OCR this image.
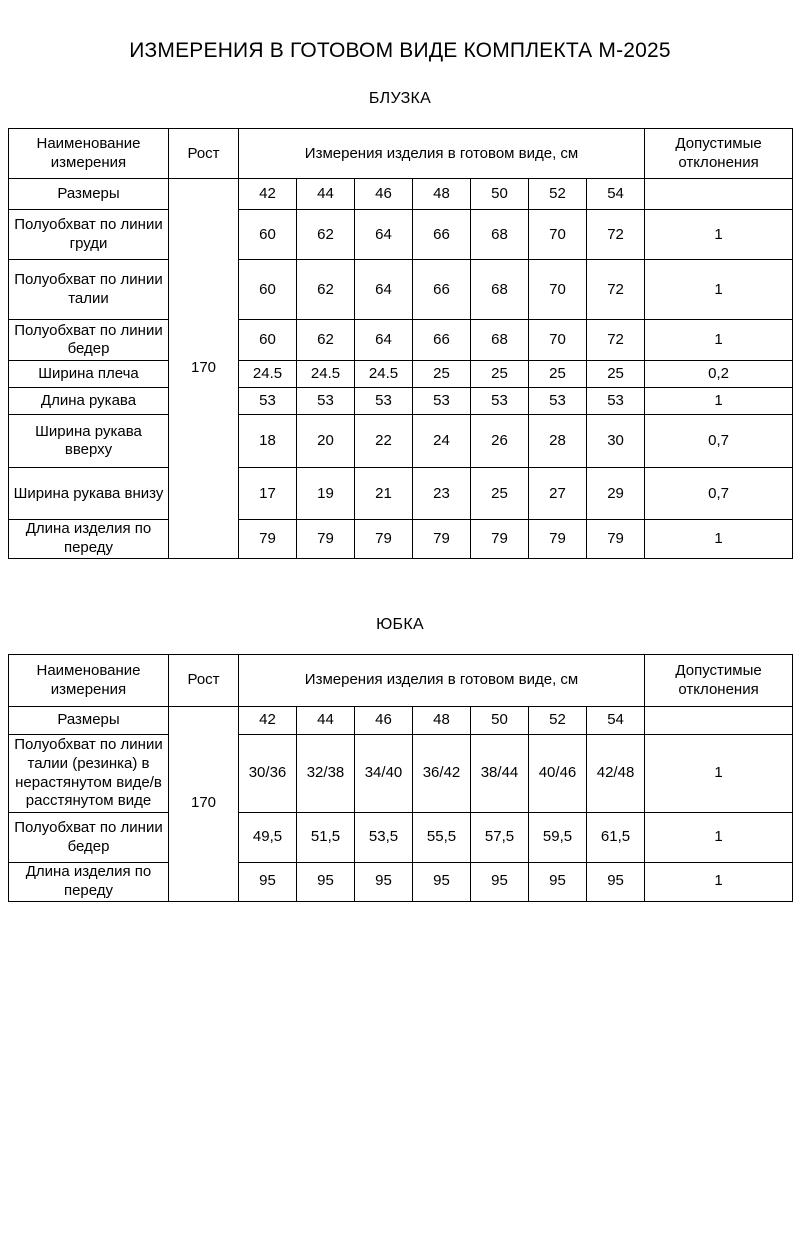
ИЗМЕРЕНИЯ В ГОТОВОМ ВИДЕ КОМПЛЕКТА М-2025
БЛУЗКА
Наименование измерения	Рост	Измерения изделия в готовом виде, см							Допустимые отклонения
Размеры	170	42	44	46	48	50	52	54	
Полуобхват по линии груди		60	62	64	66	68	70	72	1
Полуобхват по линии талии		60	62	64	66	68	70	72	1
Полуобхват по линии бедер		60	62	64	66	68	70	72	1
Ширина плеча		24.5	24.5	24.5	25	25	25	25	0,2
Длина рукава		53	53	53	53	53	53	53	1
Ширина рукава вверху		18	20	22	24	26	28	30	0,7
Ширина рукава внизу		17	19	21	23	25	27	29	0,7
Длина изделия по переду		79	79	79	79	79	79	79	1
ЮБКА
Наименование измерения	Рост	Измерения изделия в готовом виде, см							Допустимые отклонения
Размеры	170	42	44	46	48	50	52	54	
Полуобхват по линии талии (резинка) в нерастянутом виде/в расстянутом виде		30/36	32/38	34/40	36/42	38/44	40/46	42/48	1
Полуобхват по линии бедер		49,5	51,5	53,5	55,5	57,5	59,5	61,5	1
Длина изделия по переду		95	95	95	95	95	95	95	1
